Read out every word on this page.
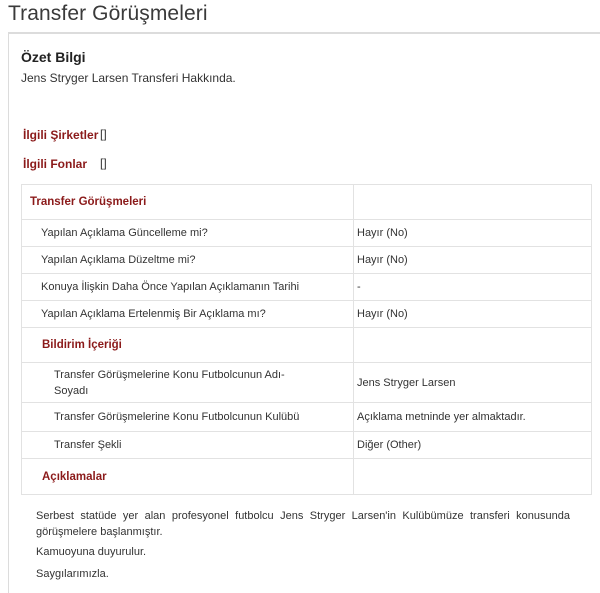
Transfer Görüşmeleri
Özet Bilgi
Jens Stryger Larsen Transferi Hakkında.
İlgili Şirketler []
İlgili Fonlar []
Transfer Görüşmeleri	
Yapılan Açıklama Güncelleme mi?	Hayır (No)
Yapılan Açıklama Düzeltme mi?	Hayır (No)
Konuya İlişkin Daha Önce Yapılan Açıklamanın Tarihi	-
Yapılan Açıklama Ertelenmiş Bir Açıklama mı?	Hayır (No)
Bildirim İçeriği	
Transfer Görüşmelerine Konu Futbolcunun Adı-
Soyadı	Jens Stryger Larsen
Transfer Görüşmelerine Konu Futbolcunun Kulübü	Açıklama metninde yer almaktadır.
Transfer Şekli	Diğer (Other)
Açıklamalar	
Serbest statüde yer alan profesyonel futbolcu Jens Stryger Larsen'in Kulübümüze transferi konusunda
görüşmelere başlanmıştır.
Kamuoyuna duyurulur.
Saygılarımızla.
